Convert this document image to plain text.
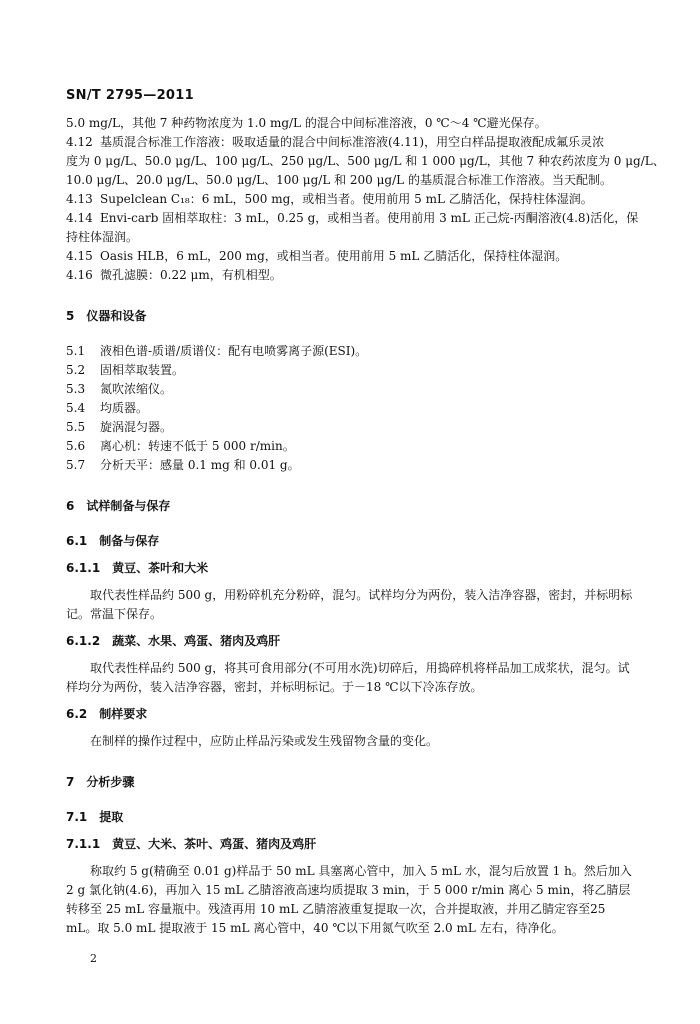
SN/T 2795—2011
5.0 mg/L，其他 7 种药物浓度为 1.0 mg/L 的混合中间标准溶液，0 ℃～4 ℃避光保存。
4.12 基质混合标准工作溶液：吸取适量的混合中间标准溶液(4.11)，用空白样品提取液配成氟乐灵浓
度为 0 μg/L、50.0 μg/L、100 μg/L、250 μg/L、500 μg/L 和 1 000 μg/L，其他 7 种农药浓度为 0 μg/L、
10.0 μg/L、20.0 μg/L、50.0 μg/L、100 μg/L 和 200 μg/L 的基质混合标准工作溶液。当天配制。
4.13 Supelclean C₁₈：6 mL，500 mg，或相当者。使用前用 5 mL 乙腈活化，保持柱体湿润。
4.14 Envi-carb 固相萃取柱：3 mL，0.25 g，或相当者。使用前用 3 mL 正己烷-丙酮溶液(4.8)活化，保
持柱体湿润。
4.15 Oasis HLB，6 mL，200 mg，或相当者。使用前用 5 mL 乙腈活化，保持柱体湿润。
4.16 微孔滤膜：0.22 μm，有机相型。
5 仪器和设备
5.1 液相色谱-质谱/质谱仪：配有电喷雾离子源(ESI)。
5.2 固相萃取装置。
5.3 氮吹浓缩仪。
5.4 均质器。
5.5 旋涡混匀器。
5.6 离心机：转速不低于 5 000 r/min。
5.7 分析天平：感量 0.1 mg 和 0.01 g。
6 试样制备与保存
6.1 制备与保存
6.1.1 黄豆、茶叶和大米
取代表性样品约 500 g，用粉碎机充分粉碎，混匀。试样均分为两份，装入洁净容器，密封，并标明标记。常温下保存。
6.1.2 蔬菜、水果、鸡蛋、猪肉及鸡肝
取代表性样品约 500 g，将其可食用部分(不可用水洗)切碎后，用捣碎机将样品加工成浆状，混匀。试样均分为两份，装入洁净容器，密封，并标明标记。于－18 ℃以下冷冻存放。
6.2 制样要求
在制样的操作过程中，应防止样品污染或发生残留物含量的变化。
7 分析步骤
7.1 提取
7.1.1 黄豆、大米、茶叶、鸡蛋、猪肉及鸡肝
称取约 5 g(精确至 0.01 g)样品于 50 mL 具塞离心管中，加入 5 mL 水，混匀后放置 1 h。然后加入 2 g 氯化钠(4.6)，再加入 15 mL 乙腈溶液高速均质提取 3 min，于 5 000 r/min 离心 5 min，将乙腈层转移至 25 mL 容量瓶中。残渣再用 10 mL 乙腈溶液重复提取一次，合并提取液，并用乙腈定容至25 mL。取 5.0 mL 提取液于 15 mL 离心管中，40 ℃以下用氮气吹至 2.0 mL 左右，待净化。
2
